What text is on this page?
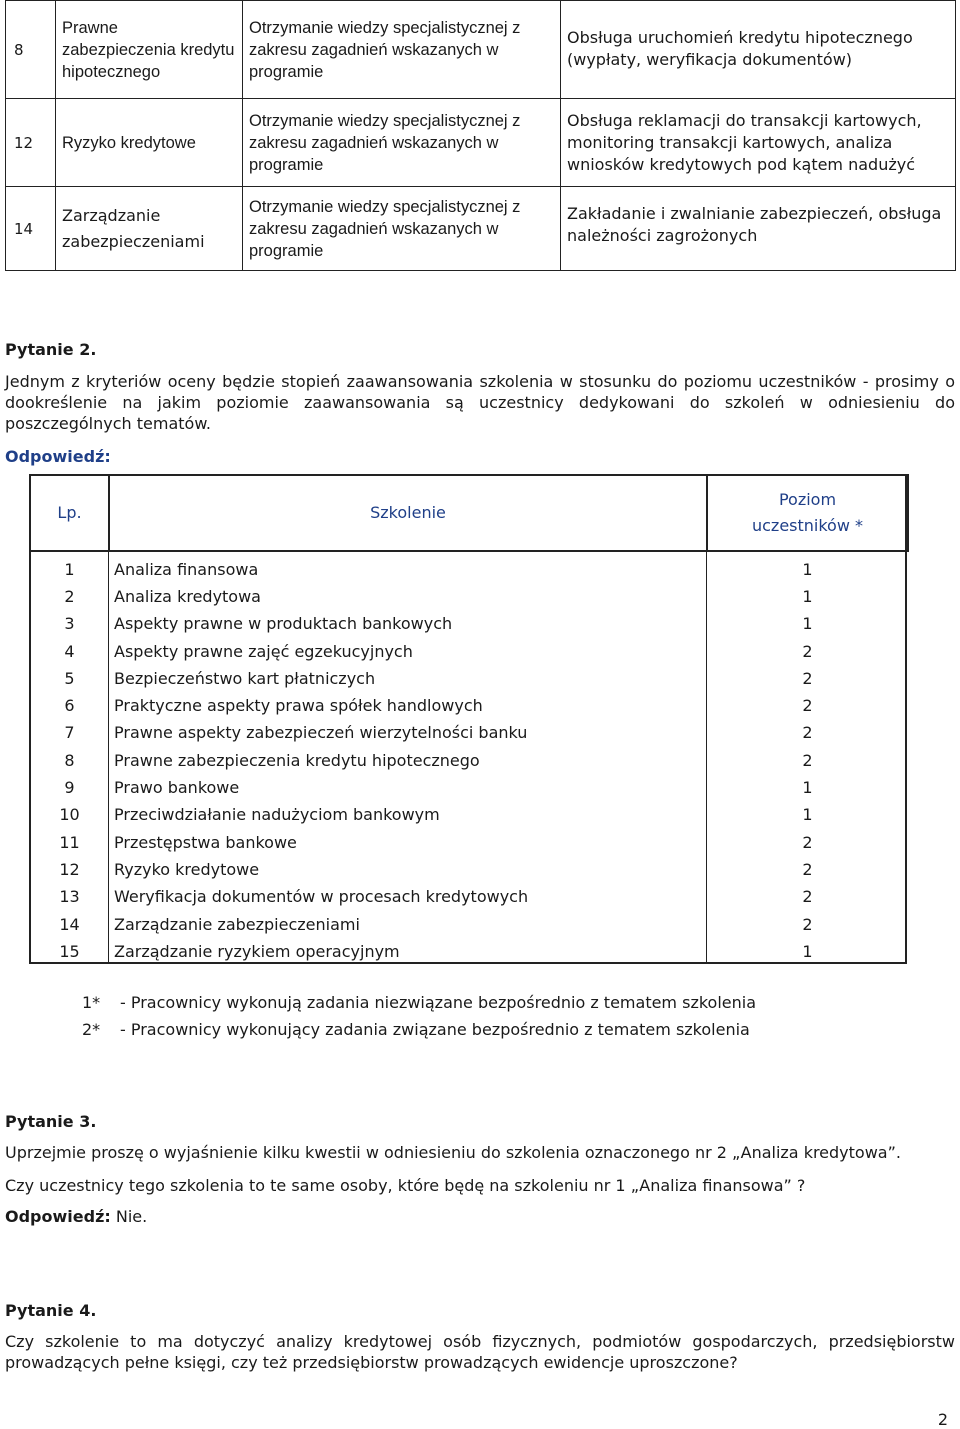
8	Prawne zabezpieczenia kredytu hipotecznego	Otrzymanie wiedzy specjalistycznej z zakresu zagadnień wskazanych w programie	Obsługa uruchomień kredytu hipotecznego (wypłaty, weryfikacja dokumentów)
12	Ryzyko kredytowe	Otrzymanie wiedzy specjalistycznej z zakresu zagadnień wskazanych w programie	Obsługa reklamacji do transakcji kartowych, monitoring transakcji kartowych, analiza wniosków kredytowych pod kątem nadużyć
14	Zarządzanie zabezpieczeniami	Otrzymanie wiedzy specjalistycznej z zakresu zagadnień wskazanych w programie	Zakładanie i zwalnianie zabezpieczeń, obsługa należności zagrożonych
Pytanie 2.
Jednym z kryteriów oceny będzie stopień zaawansowania szkolenia w stosunku do poziomu uczestników - prosimy o dookreślenie na jakim poziomie zaawansowania są uczestnicy dedykowani do szkoleń w odniesieniu do poszczególnych tematów.
Odpowiedź:
Lp.	Szkolenie	Poziom
uczestników *

1	Analiza finansowa	1
2	Analiza kredytowa	1
3	Aspekty prawne w produktach bankowych	1
4	Aspekty prawne zajęć egzekucyjnych	2
5	Bezpieczeństwo kart płatniczych	2
6	Praktyczne aspekty prawa spółek handlowych	2
7	Prawne aspekty zabezpieczeń wierzytelności banku	2
8	Prawne zabezpieczenia kredytu hipotecznego	2
9	Prawo bankowe	1
10	Przeciwdziałanie nadużyciom bankowym	1
11	Przestępstwa bankowe	2
12	Ryzyko kredytowe	2
13	Weryfikacja dokumentów w procesach kredytowych	2
14	Zarządzanie zabezpieczeniami	2
15	Zarządzanie ryzykiem operacyjnym	1
1* - Pracownicy wykonują zadania niezwiązane bezpośrednio z tematem szkolenia
2* - Pracownicy wykonujący zadania związane bezpośrednio z tematem szkolenia
Pytanie 3.
Uprzejmie proszę o wyjaśnienie kilku kwestii w odniesieniu do szkolenia oznaczonego nr 2 „Analiza kredytowa”.
Czy uczestnicy tego szkolenia to te same osoby, które będę na szkoleniu nr 1 „Analiza finansowa” ?
Odpowiedź: Nie.
Pytanie 4.
Czy szkolenie to ma dotyczyć analizy kredytowej osób fizycznych, podmiotów gospodarczych, przedsiębiorstw prowadzących pełne księgi, czy też przedsiębiorstw prowadzących ewidencje uproszczone?
2
